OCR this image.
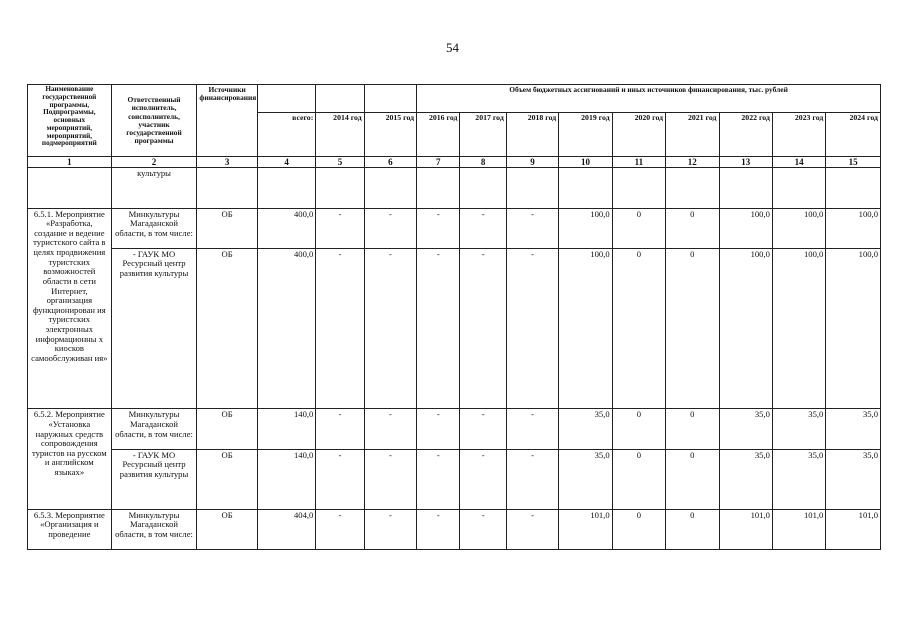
54
Наименование государственной программы, Подпрограммы, основных мероприятий, мероприятий, подмероприятий	Ответственный исполнитель, соисполнитель, участник государственной программы	Источники финансирования				Объем бюджетных ассигнований и иных источников финансирования, тыс. рублей								
			всего:	2014 год	2015 год	2016 год	2017 год	2018 год	2019 год	2020 год	2021 год	2022 год	2023 год	2024 год
1	2	3	4	5	6	7	8	9	10	11	12	13	14	15
	культуры													
6.5.1. Мероприятие «Разработка, создание и ведение туристского сайта в целях продвижения туристских возможностей области в сети Интернет, организация функционирован ия туристских электронных информационны х киосков самообслуживан ия»	Минкультуры Магаданской области, в том числе:	ОБ	400,0	-	-	-	-	-	100,0	0	0	100,0	100,0	100,0
	- ГАУК МО Ресурсный центр развития культуры	ОБ	400,0	-	-	-	-	-	100,0	0	0	100,0	100,0	100,0
6.5.2. Мероприятие «Установка наружных средств сопровождения туристов на русском и английском языках»	Минкультуры Магаданской области, в том числе:	ОБ	140,0	-	-	-	-	-	35,0	0	0	35,0	35,0	35,0
	- ГАУК МО Ресурсный центр развития культуры	ОБ	140,0	-	-	-	-	-	35,0	0	0	35,0	35,0	35,0
6.5.3. Мероприятие «Организация и проведение	Минкультуры Магаданской области, в том числе:	ОБ	404,0	-	-	-	-	-	101,0	0	0	101,0	101,0	101,0
